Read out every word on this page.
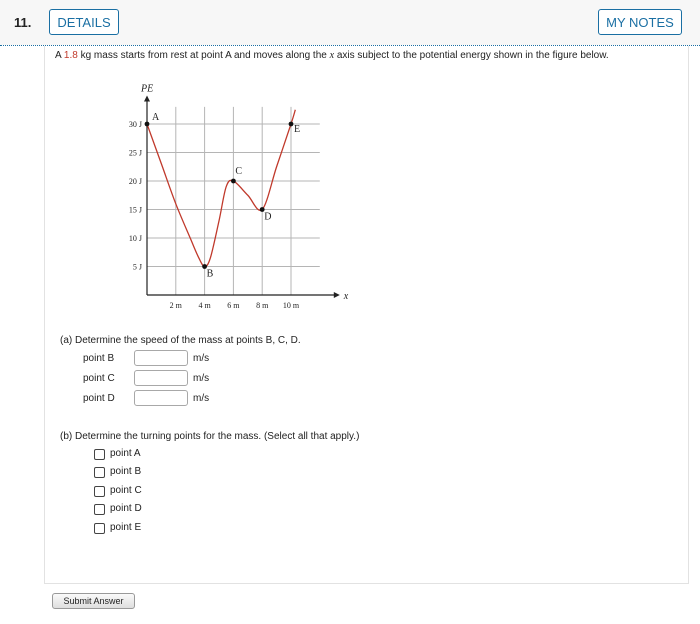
11.	DETAILS	MY NOTES
A 1.8 kg mass starts from rest at point A and moves along the x axis subject to the potential energy shown in the figure below.
PE
x
2 m 4 m 6 m 8 m 10 m
5 J
10 J
15 J
20 J
25 J
30 J
A
B
C
D
E
(a) Determine the speed of the mass at points B, C, D.
point B	m/s
point C	m/s
point D	m/s
(b) Determine the turning points for the mass. (Select all that apply.)
point A
point B
point C
point D
point E
Submit Answer
